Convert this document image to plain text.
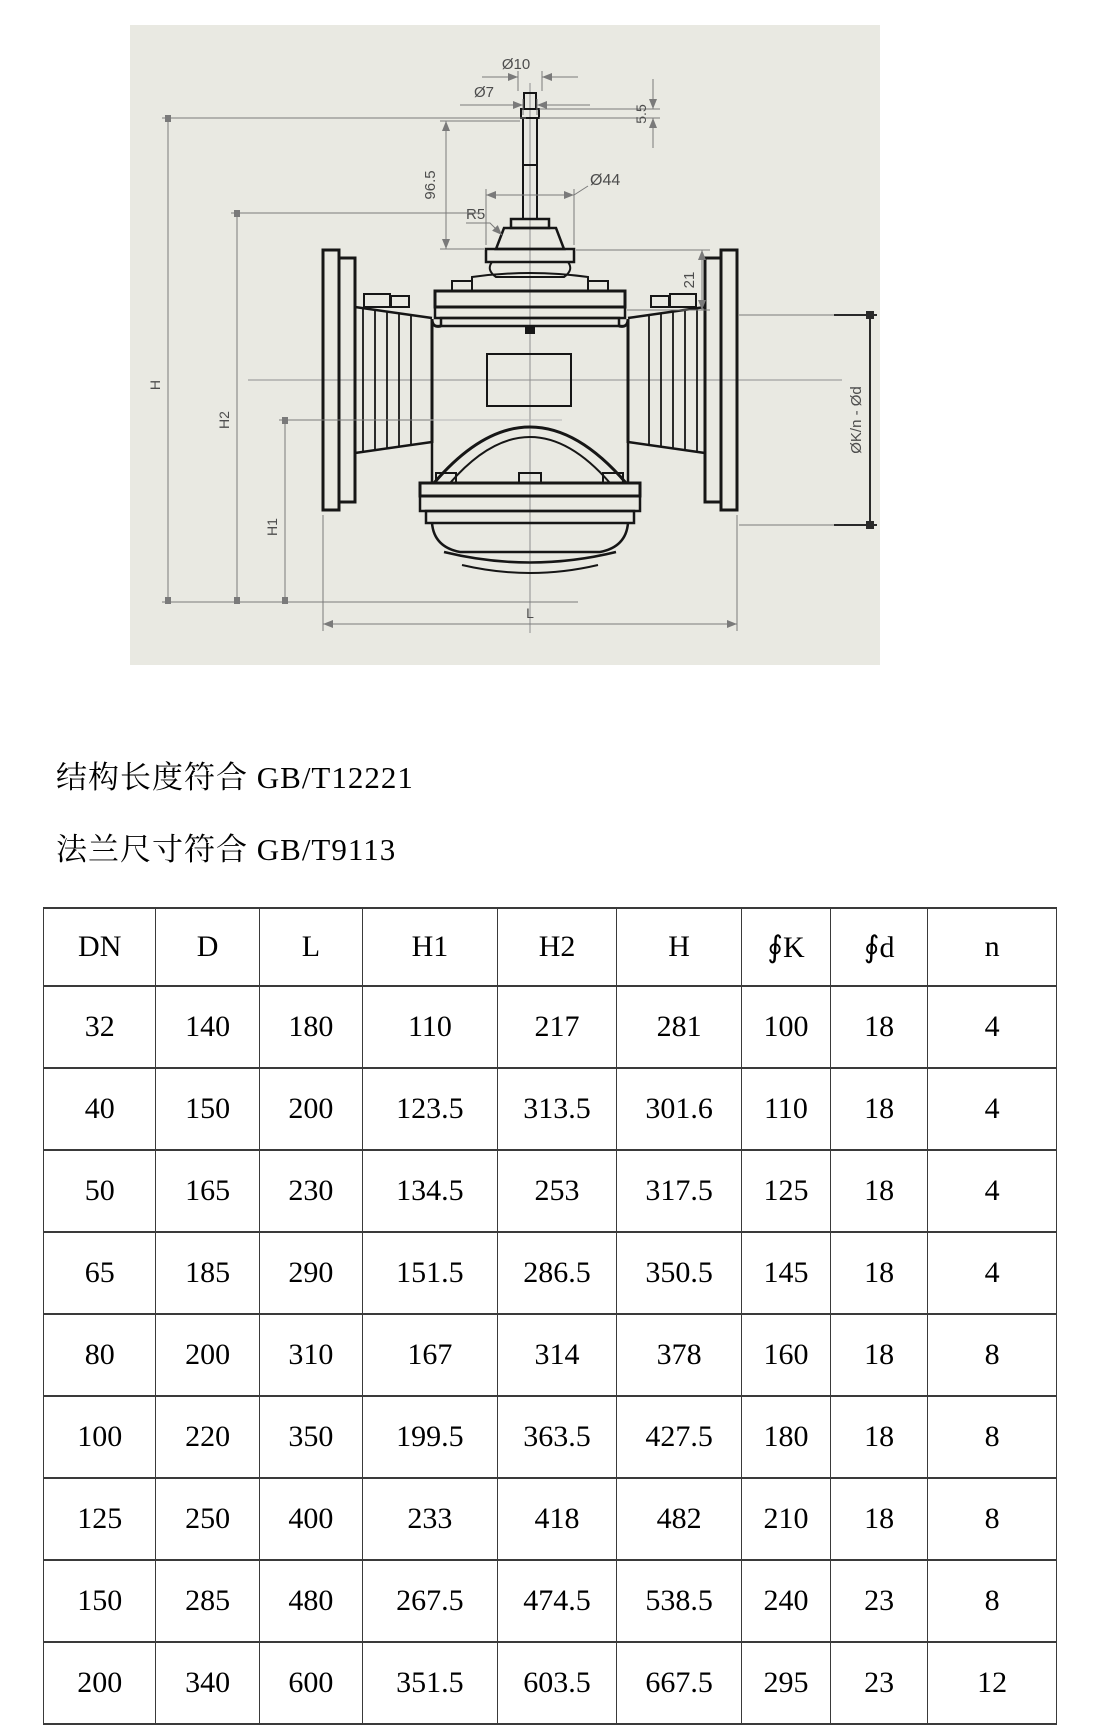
Ø10
Ø7
5.5
96.5	Ø44
R5
21
H
H2
H1
L
ØK/n - Ød
结构长度符合 GB/T12221
法兰尺寸符合 GB/T9113
DN	D	L	H1	H2	H	∮K	∮d	n
32	140	180	110	217	281	100	18	4
40	150	200	123.5	313.5	301.6	110	18	4
50	165	230	134.5	253	317.5	125	18	4
65	185	290	151.5	286.5	350.5	145	18	4
80	200	310	167	314	378	160	18	8
100	220	350	199.5	363.5	427.5	180	18	8
125	250	400	233	418	482	210	18	8
150	285	480	267.5	474.5	538.5	240	23	8
200	340	600	351.5	603.5	667.5	295	23	12
